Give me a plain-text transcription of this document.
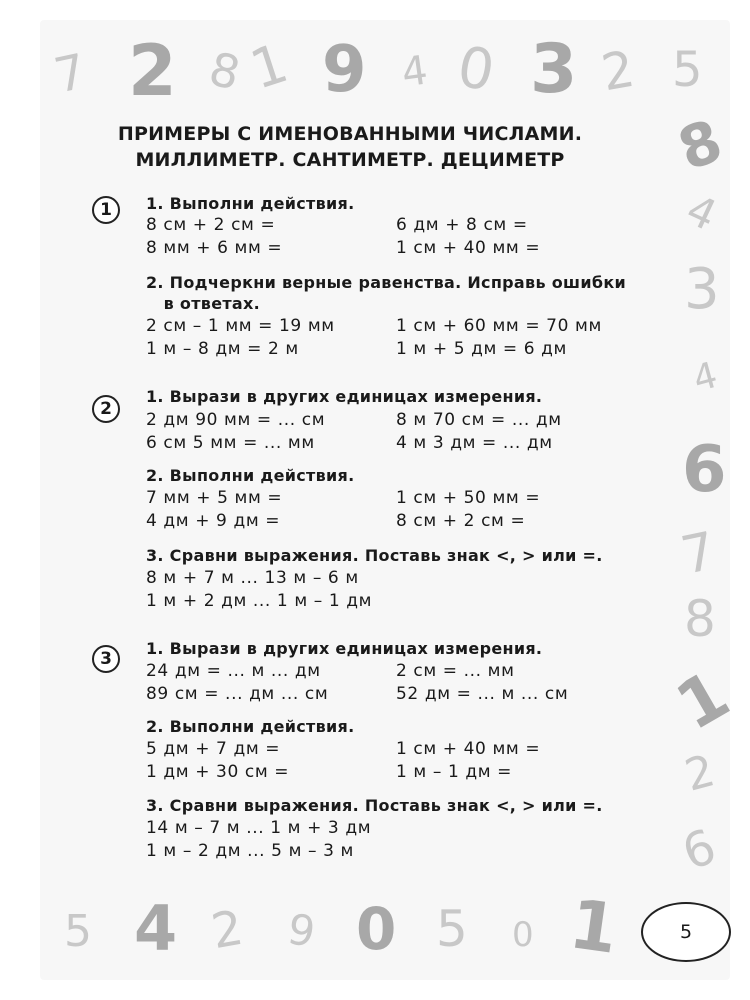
7 2 8
1 9 4 0 3 2 5
8
4
3
4
6
7
8
1
2
6
5 4 2 9 0 5 0 1
ПРИМЕРЫ С ИМЕНОВАННЫМИ ЧИСЛАМИ.
МИЛЛИМЕТР. САНТИМЕТР. ДЕЦИМЕТР
1	1. Выполни действия.
8 см + 2 см =	6 дм + 8 см =
8 мм + 6 мм =	1 см + 40 мм =
2. Подчеркни верные равенства. Исправь ошибки
в ответах.
2 см – 1 мм = 19 мм	1 см + 60 мм = 70 мм
1 м – 8 дм = 2 м	1 м + 5 дм = 6 дм
2
1. Вырази в других единицах измерения.
2 дм 90 мм = ... см	8 м 70 см = ... дм
6 см 5 мм = ... мм	4 м 3 дм = ... дм
2. Выполни действия.
7 мм + 5 мм =	1 см + 50 мм =
4 дм + 9 дм =	8 см + 2 см =
3. Сравни выражения. Поставь знак <, > или =.
8 м + 7 м ... 13 м – 6 м
1 м + 2 дм ... 1 м – 1 дм
3
1. Вырази в других единицах измерения.
24 дм = ... м ... дм	2 см = ... мм
89 см = ... дм ... см	52 дм = ... м ... см
2. Выполни действия.
5 дм + 7 дм =	1 см + 40 мм =
1 дм + 30 см =	1 м – 1 дм =
3. Сравни выражения. Поставь знак <, > или =.
14 м – 7 м ... 1 м + 3 дм
1 м – 2 дм ... 5 м – 3 м
5
